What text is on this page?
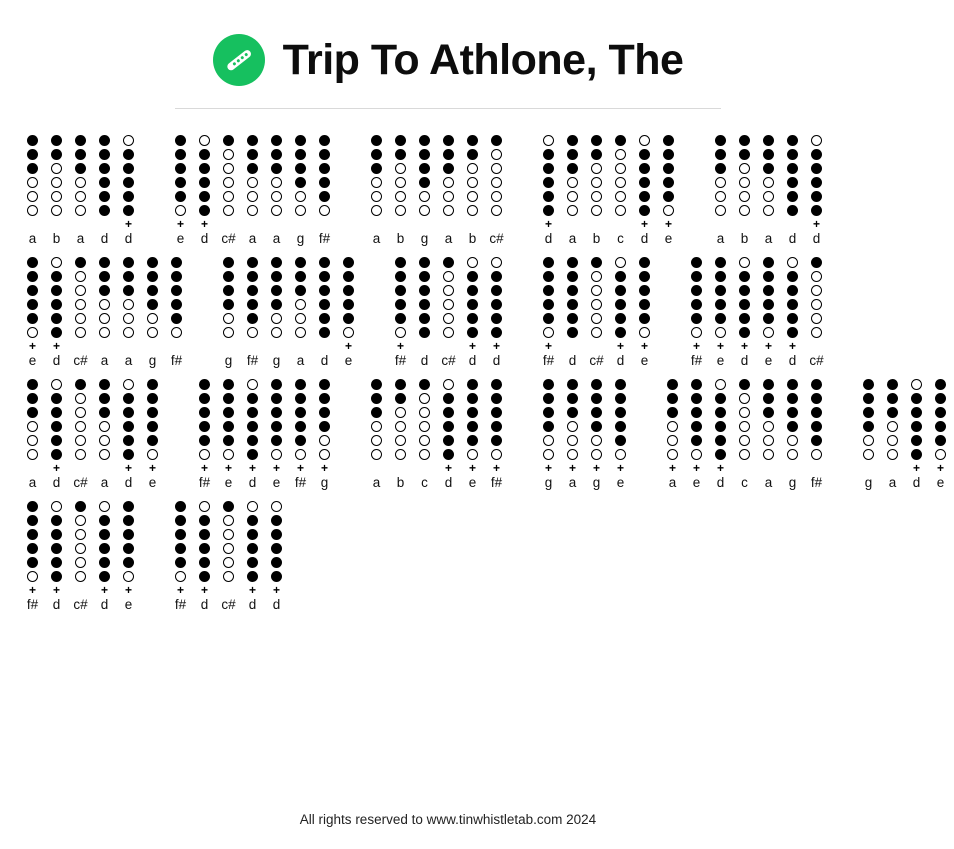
Trip To Athlone, The
a b a d
+
d
+
e
+
d c# a a g f#	a b g a b c#
+
d a b c
+
d
+
e	a b a d
+
d
+
e
+
d c# a a g f#	g f# g a d
+
e
+
f# d c#
+
d
+
d
+
f# d c#
+
d
+
e
+
f#
+
e
+
d
+
e
+
d c#
a
+
d c# a
+
d
+
e
+
f#
+
e
+
d
+
e
+
f#
+
g	a b c
+
d
+
e
+
f#
+
g
+
a
+
g
+
e
+
a
+
e
+
d c a g f#	g a
+
d
+
e
+
f#
+
d c#
+
d
+
e
+
f#
+
d c#
+
d
+
d
All rights reserved to www.tinwhistletab.com 2024
